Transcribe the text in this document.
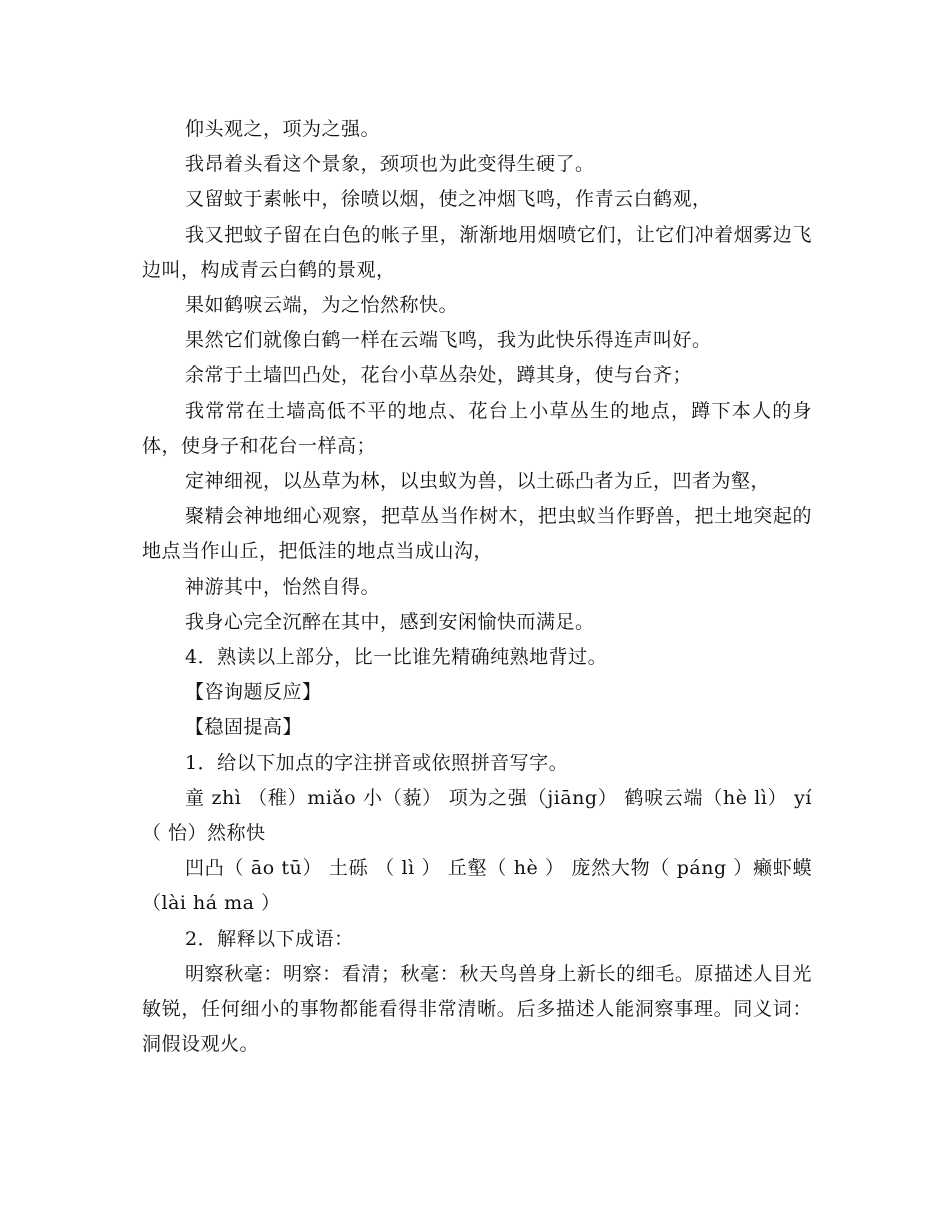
仰头观之，项为之强。

我昂着头看这个景象，颈项也为此变得生硬了。

又留蚊于素帐中，徐喷以烟，使之冲烟飞鸣，作青云白鹤观，

我又把蚊子留在白色的帐子里，渐渐地用烟喷它们，让它们冲着烟雾边飞边叫，构成青云白鹤的景观，

果如鹤唳云端，为之怡然称快。

果然它们就像白鹤一样在云端飞鸣，我为此快乐得连声叫好。

余常于土墙凹凸处，花台小草丛杂处，蹲其身，使与台齐；

我常常在土墙高低不平的地点、花台上小草丛生的地点，蹲下本人的身体，使身子和花台一样高；

定神细视，以丛草为林，以虫蚁为兽，以土砾凸者为丘，凹者为壑，

聚精会神地细心观察，把草丛当作树木，把虫蚁当作野兽，把土地突起的地点当作山丘，把低洼的地点当成山沟，

神游其中，怡然自得。

我身心完全沉醉在其中，感到安闲愉快而满足。

4．熟读以上部分，比一比谁先精确纯熟地背过。

【咨询题反应】

【稳固提高】

1．给以下加点的字注拼音或依照拼音写字。

童 zhì （稚）miǎo 小（藐） 项为之强（jiāng） 鹤唳云端（hè lì） yí（ 怡）然称快

凹凸（ āo tū） 土砾 （ lì ） 丘壑（ hè ） 庞然大物（ páng ）癞虾蟆（lài há ma ）

2．解释以下成语：

明察秋毫：明察：看清；秋毫：秋天鸟兽身上新长的细毛。原描述人目光敏锐，任何细小的事物都能看得非常清晰。后多描述人能洞察事理。同义词：洞假设观火。
